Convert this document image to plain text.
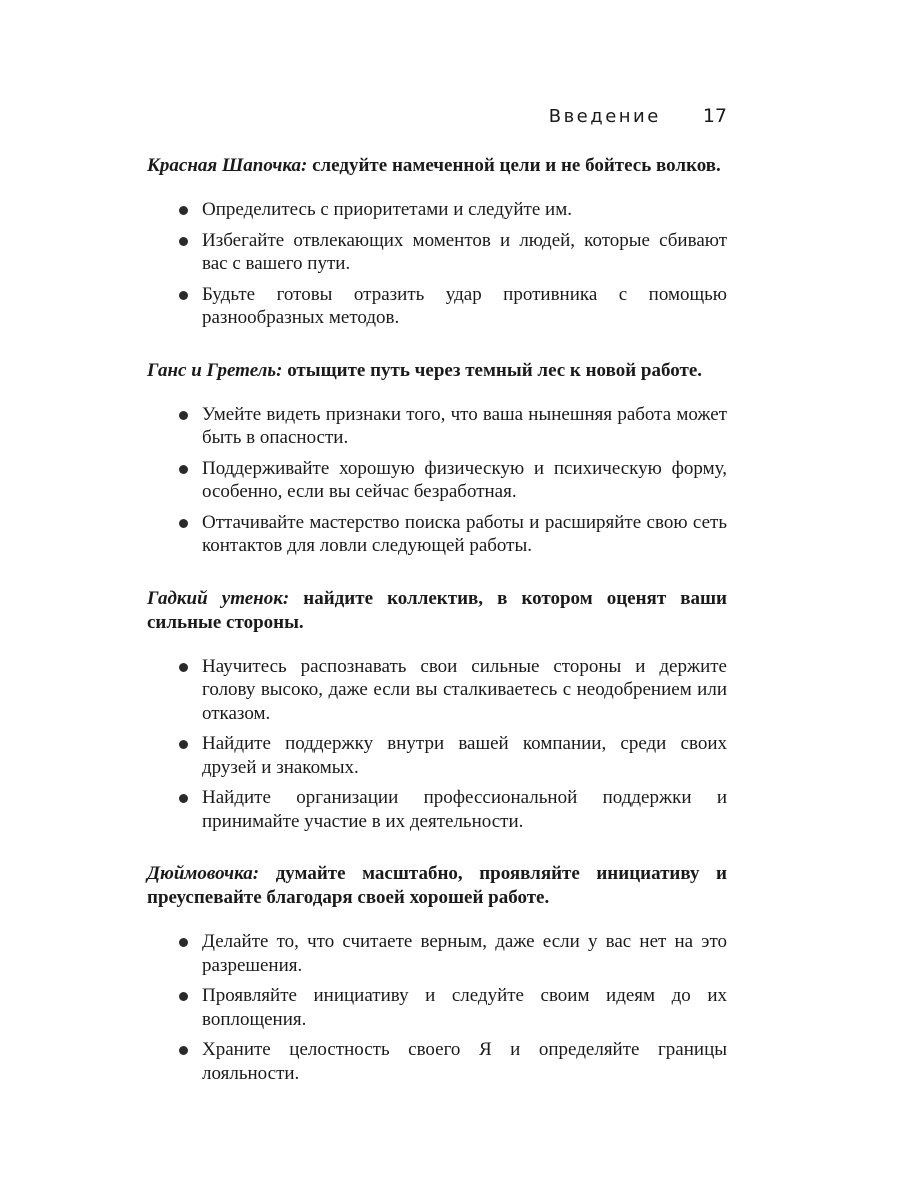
Введение 17

Красная Шапочка: следуйте намеченной цели и не бойтесь волков.

Определитесь с приоритетами и следуйте им.
Избегайте отвлекающих моментов и людей, которые сбивают вас с вашего пути.
Будьте готовы отразить удар противника с помощью разнообразных методов.

Ганс и Гретель: отыщите путь через темный лес к новой работе.

Умейте видеть признаки того, что ваша нынешняя работа может быть в опасности.
Поддерживайте хорошую физическую и психическую форму, особенно, если вы сейчас безработная.
Оттачивайте мастерство поиска работы и расширяйте свою сеть контактов для ловли следующей работы.

Гадкий утенок: найдите коллектив, в котором оценят ваши сильные стороны.

Научитесь распознавать свои сильные стороны и держите голову высоко, даже если вы сталкиваетесь с неодобрением или отказом.
Найдите поддержку внутри вашей компании, среди своих друзей и знакомых.
Найдите организации профессиональной поддержки и принимайте участие в их деятельности.

Дюймовочка: думайте масштабно, проявляйте инициативу и преуспевайте благодаря своей хорошей работе.

Делайте то, что считаете верным, даже если у вас нет на это разрешения.
Проявляйте инициативу и следуйте своим идеям до их воплощения.
Храните целостность своего Я и определяйте границы лояльности.
